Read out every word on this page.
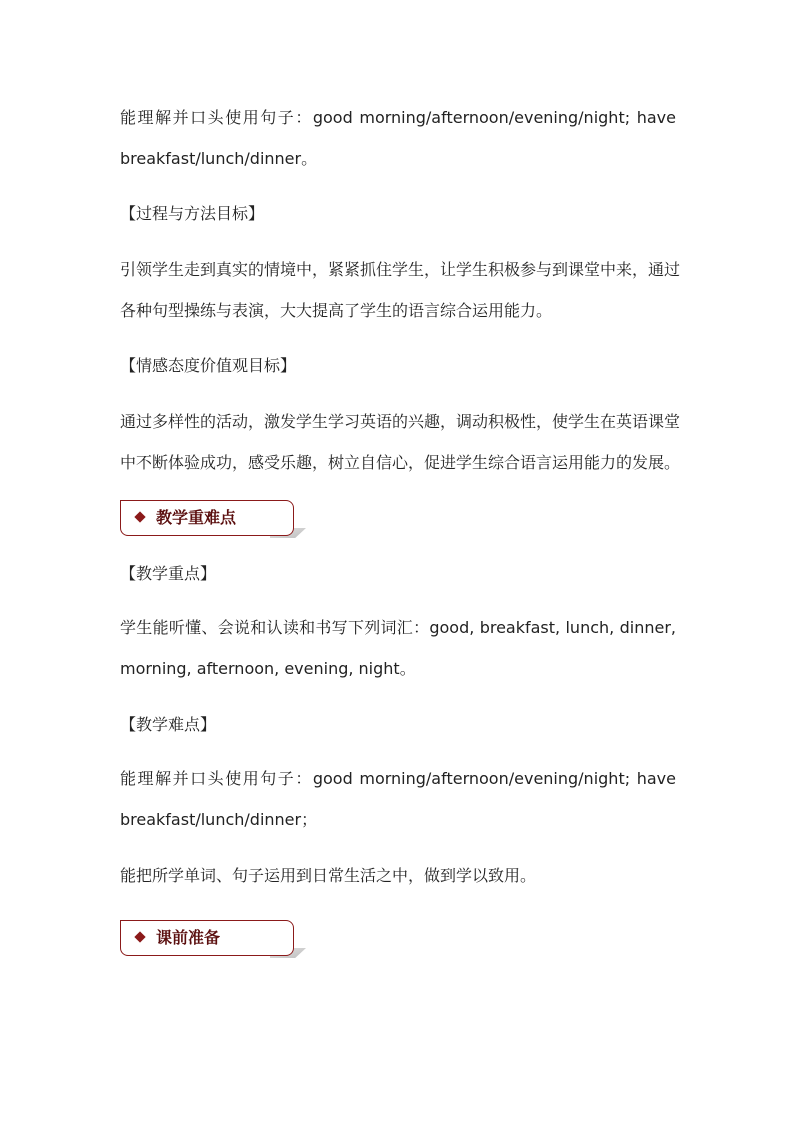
能理解并口头使用句子：good morning/afternoon/evening/night; have
breakfast/lunch/dinner。

【过程与方法目标】

引领学生走到真实的情境中，紧紧抓住学生，让学生积极参与到课堂中来，通过
各种句型操练与表演，大大提高了学生的语言综合运用能力。

【情感态度价值观目标】

通过多样性的活动，激发学生学习英语的兴趣，调动积极性，使学生在英语课堂
中不断体验成功，感受乐趣，树立自信心，促进学生综合语言运用能力的发展。

教学重难点

【教学重点】

学生能听懂、会说和认读和书写下列词汇：good, breakfast, lunch, dinner,
morning, afternoon, evening, night。

【教学难点】

能理解并口头使用句子：good morning/afternoon/evening/night; have
breakfast/lunch/dinner；

能把所学单词、句子运用到日常生活之中，做到学以致用。

课前准备
